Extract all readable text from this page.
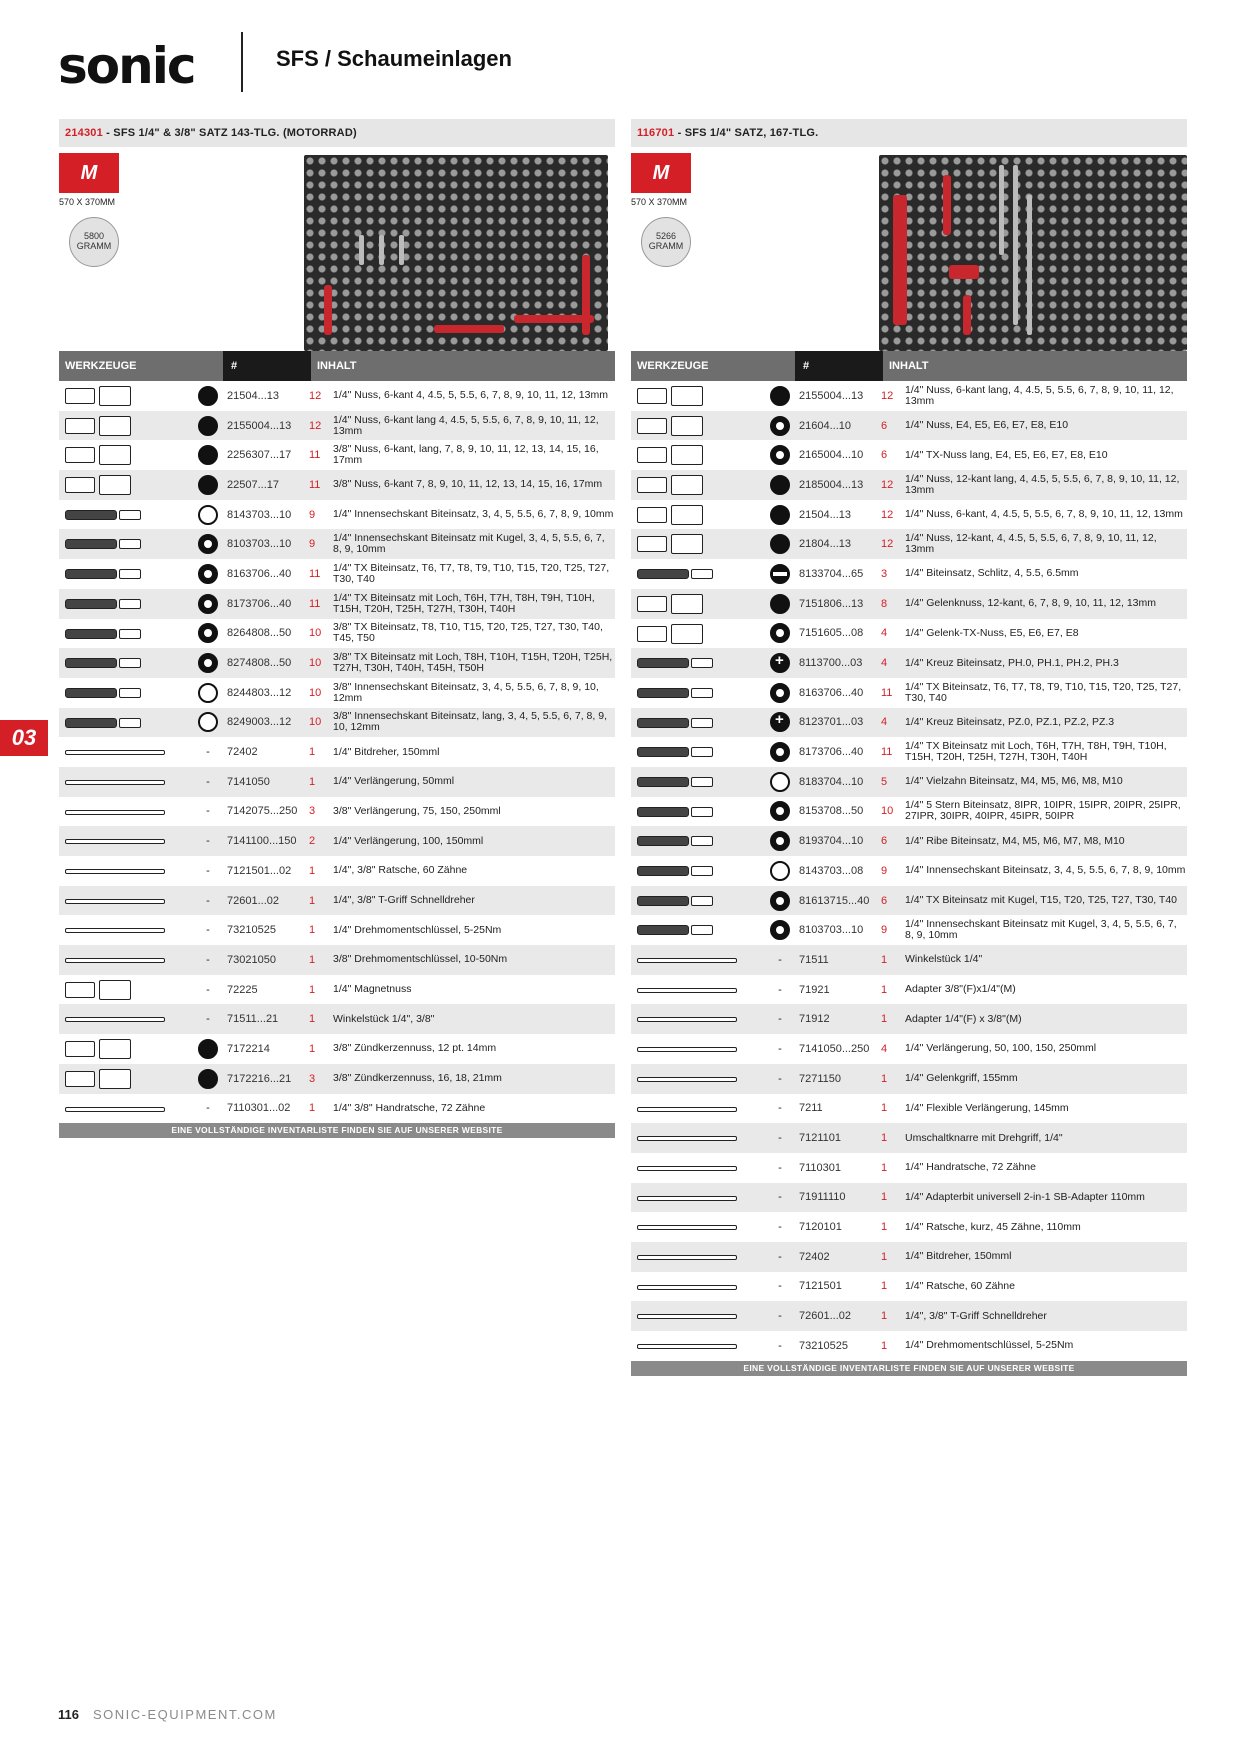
sonic	SFS / Schaumeinlagen
214301 - SFS 1/4" & 3/8" SATZ 143-TLG. (MOTORRAD)
M
570 X 370MM
5800 GRAMM
WERKZEUGE	#	INHALT
21504...13	12	1/4" Nuss, 6-kant 4, 4.5, 5, 5.5, 6, 7, 8, 9, 10, 11, 12, 13mm
2155004...13	12	1/4" Nuss, 6-kant lang 4, 4.5, 5, 5.5, 6, 7, 8, 9, 10, 11, 12, 13mm
2256307...17	11	3/8" Nuss, 6-kant, lang, 7, 8, 9, 10, 11, 12, 13, 14, 15, 16, 17mm
22507...17	11	3/8" Nuss, 6-kant 7, 8, 9, 10, 11, 12, 13, 14, 15, 16, 17mm
8143703...10	9	1/4" Innensechskant Biteinsatz, 3, 4, 5, 5.5, 6, 7, 8, 9, 10mm
8103703...10	9	1/4" Innensechskant Biteinsatz mit Kugel, 3, 4, 5, 5.5, 6, 7, 8, 9, 10mm
8163706...40	11	1/4" TX Biteinsatz, T6, T7, T8, T9, T10, T15, T20, T25, T27, T30, T40
8173706...40	11	1/4" TX Biteinsatz mit Loch, T6H, T7H, T8H, T9H, T10H, T15H, T20H, T25H, T27H, T30H, T40H
8264808...50	10	3/8" TX Biteinsatz, T8, T10, T15, T20, T25, T27, T30, T40, T45, T50
8274808...50	10	3/8" TX Biteinsatz mit Loch, T8H, T10H, T15H, T20H, T25H, T27H, T30H, T40H, T45H, T50H
8244803...12	10	3/8" Innensechskant Biteinsatz, 3, 4, 5, 5.5, 6, 7, 8, 9, 10, 12mm
8249003...12	10	3/8" Innensechskant Biteinsatz, lang, 3, 4, 5, 5.5, 6, 7, 8, 9, 10, 12mm
-
72402	1	1/4" Bitdreher, 150mml
-
7141050	1	1/4" Verlängerung, 50mml
-
7142075...250	3	3/8" Verlängerung, 75, 150, 250mml
-
7141100...150	2	1/4" Verlängerung, 100, 150mml
-
7121501...02	1	1/4", 3/8" Ratsche, 60 Zähne
-
72601...02	1	1/4", 3/8" T-Griff Schnelldreher
-
73210525	1	1/4" Drehmomentschlüssel, 5-25Nm
-
73021050	1	3/8" Drehmomentschlüssel, 10-50Nm
-
72225	1	1/4" Magnetnuss
-
71511...21	1	Winkelstück 1/4", 3/8"
7172214	1	3/8" Zündkerzennuss, 12 pt. 14mm
7172216...21	3	3/8" Zündkerzennuss, 16, 18, 21mm
-
7110301...02	1	1/4" 3/8" Handratsche, 72 Zähne
EINE VOLLSTÄNDIGE INVENTARLISTE FINDEN SIE AUF UNSERER WEBSITE
116701 - SFS 1/4" SATZ, 167-TLG.
M
570 X 370MM
5266 GRAMM
WERKZEUGE	#	INHALT
2155004...13	12	1/4" Nuss, 6-kant lang, 4, 4.5, 5, 5.5, 6, 7, 8, 9, 10, 11, 12, 13mm
21604...10	6	1/4" Nuss, E4, E5, E6, E7, E8, E10
2165004...10	6	1/4" TX-Nuss lang, E4, E5, E6, E7, E8, E10
2185004...13	12	1/4" Nuss, 12-kant lang, 4, 4.5, 5, 5.5, 6, 7, 8, 9, 10, 11, 12, 13mm
21504...13	12	1/4" Nuss, 6-kant, 4, 4.5, 5, 5.5, 6, 7, 8, 9, 10, 11, 12, 13mm
21804...13	12	1/4" Nuss, 12-kant, 4, 4.5, 5, 5.5, 6, 7, 8, 9, 10, 11, 12, 13mm
8133704...65	3	1/4" Biteinsatz, Schlitz, 4, 5.5, 6.5mm
7151806...13	8	1/4" Gelenknuss, 12-kant, 6, 7, 8, 9, 10, 11, 12, 13mm
7151605...08	4	1/4" Gelenk-TX-Nuss, E5, E6, E7, E8
+
8113700...03	4	1/4" Kreuz Biteinsatz, PH.0, PH.1, PH.2, PH.3
8163706...40	11	1/4" TX Biteinsatz, T6, T7, T8, T9, T10, T15, T20, T25, T27, T30, T40
+
8123701...03	4	1/4" Kreuz Biteinsatz, PZ.0, PZ.1, PZ.2, PZ.3
8173706...40	11	1/4" TX Biteinsatz mit Loch, T6H, T7H, T8H, T9H, T10H, T15H, T20H, T25H, T27H, T30H, T40H
8183704...10	5	1/4" Vielzahn Biteinsatz, M4, M5, M6, M8, M10
8153708...50	10	1/4" 5 Stern Biteinsatz, 8IPR, 10IPR, 15IPR, 20IPR, 25IPR, 27IPR, 30IPR, 40IPR, 45IPR, 50IPR
8193704...10	6	1/4" Ribe Biteinsatz, M4, M5, M6, M7, M8, M10
8143703...08	9	1/4" Innensechskant Biteinsatz, 3, 4, 5, 5.5, 6, 7, 8, 9, 10mm
81613715...40	6	1/4" TX Biteinsatz mit Kugel, T15, T20, T25, T27, T30, T40
8103703...10	9	1/4" Innensechskant Biteinsatz mit Kugel, 3, 4, 5, 5.5, 6, 7, 8, 9, 10mm
-
71511	1	Winkelstück 1/4"
-
71921	1	Adapter 3/8"(F)x1/4"(M)
-
71912	1	Adapter 1/4"(F) x 3/8"(M)
-
7141050...250	4	1/4" Verlängerung, 50, 100, 150, 250mml
-
7271150	1	1/4" Gelenkgriff, 155mm
-
7211	1	1/4" Flexible Verlängerung, 145mm
-
7121101	1	Umschaltknarre mit Drehgriff, 1/4"
-
7110301	1	1/4" Handratsche, 72 Zähne
-
71911110	1	1/4" Adapterbit universell 2-in-1 SB-Adapter 110mm
-
7120101	1	1/4" Ratsche, kurz, 45 Zähne, 110mm
-
72402	1	1/4" Bitdreher, 150mml
-
7121501	1	1/4" Ratsche, 60 Zähne
-
72601...02	1	1/4", 3/8" T-Griff Schnelldreher
-
73210525	1	1/4" Drehmomentschlüssel, 5-25Nm
EINE VOLLSTÄNDIGE INVENTARLISTE FINDEN SIE AUF UNSERER WEBSITE
03
116 SONIC-EQUIPMENT.COM
